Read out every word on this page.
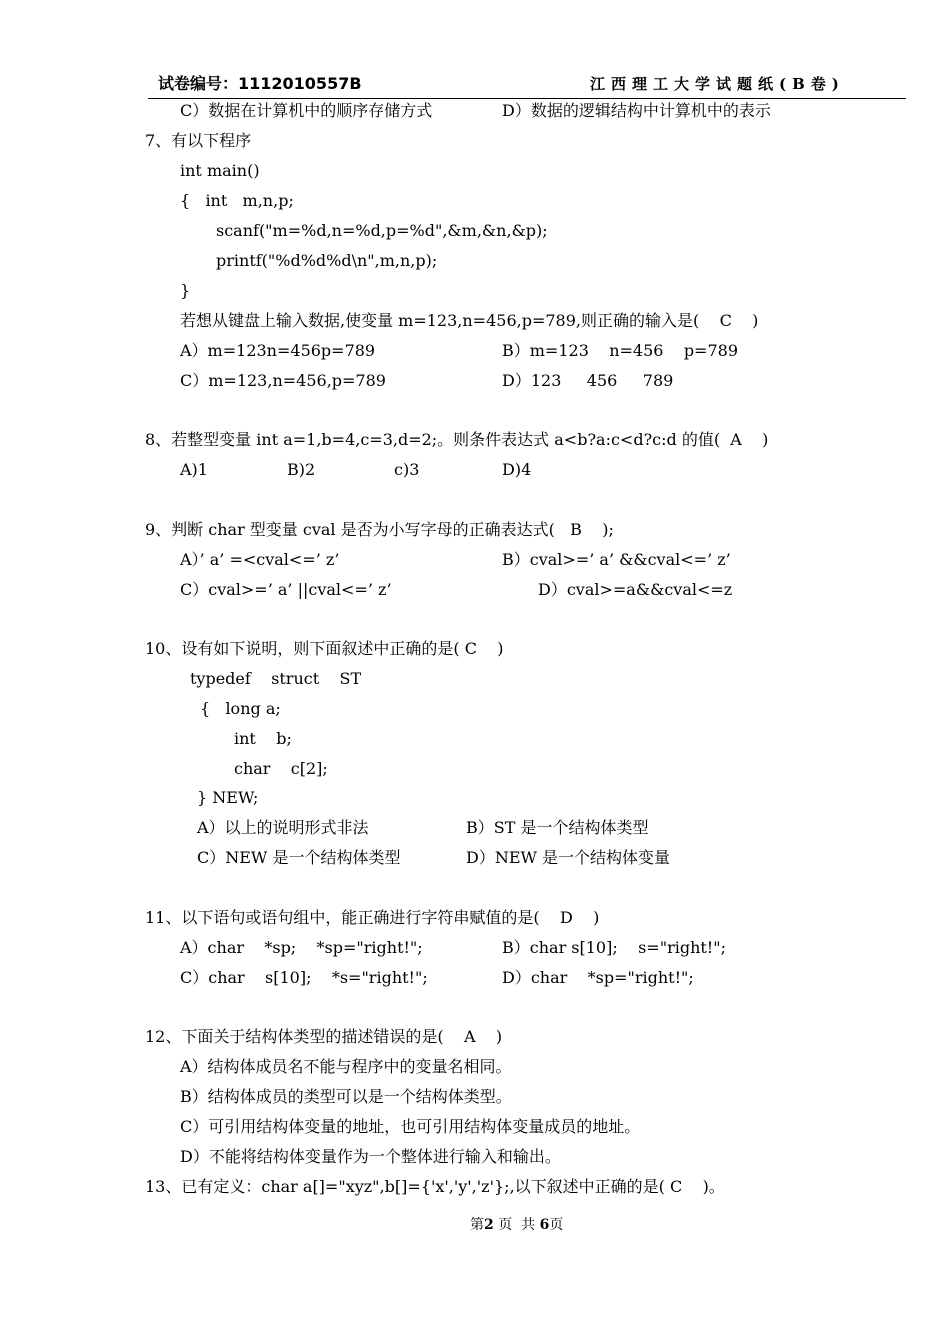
试卷编号：1112010557B	江西理工大学试题纸(B卷)
C）数据在计算机中的顺序存储方式	D）数据的逻辑结构中计算机中的表示
7、有以下程序
int main()
{   int   m,n,p;
scanf("m=%d,n=%d,p=%d",&m,&n,&p);
printf("%d%d%d\n",m,n,p);
}
若想从键盘上输入数据,使变量 m=123,n=456,p=789,则正确的输入是(    C    )
A）m=123n=456p=789	B）m=123    n=456    p=789
C）m=123,n=456,p=789	D）123     456     789
8、若整型变量 int a=1,b=4,c=3,d=2;。则条件表达式 a<b?a:c<d?c:d 的值(  A    )
A)1	B)2	c)3	D)4
9、判断 char 型变量 cval 是否为小写字母的正确表达式(   B    );
A）’ a’ =<cval<=’ z’	B）cval>=’ a’ &&cval<=’ z’
C）cval>=’ a’ ||cval<=’ z’	D）cval>=a&&cval<=z
10、设有如下说明，则下面叙述中正确的是( C    )
typedef    struct    ST
{   long a;
int    b;
char    c[2];
} NEW;
A）以上的说明形式非法	B）ST 是一个结构体类型
C）NEW 是一个结构体类型	D）NEW 是一个结构体变量
11、以下语句或语句组中，能正确进行字符串赋值的是(    D    )
A）char    *sp;    *sp="right!";	B）char s[10];    s="right!";
C）char    s[10];    *s="right!";	D）char    *sp="right!";
12、下面关于结构体类型的描述错误的是(    A    )
A）结构体成员名不能与程序中的变量名相同。
B）结构体成员的类型可以是一个结构体类型。
C）可引用结构体变量的地址，也可引用结构体变量成员的地址。
D）不能将结构体变量作为一个整体进行输入和输出。
13、已有定义：char a[]="xyz",b[]={'x','y','z'};,以下叙述中正确的是( C    )。
第2 页  共 6页
